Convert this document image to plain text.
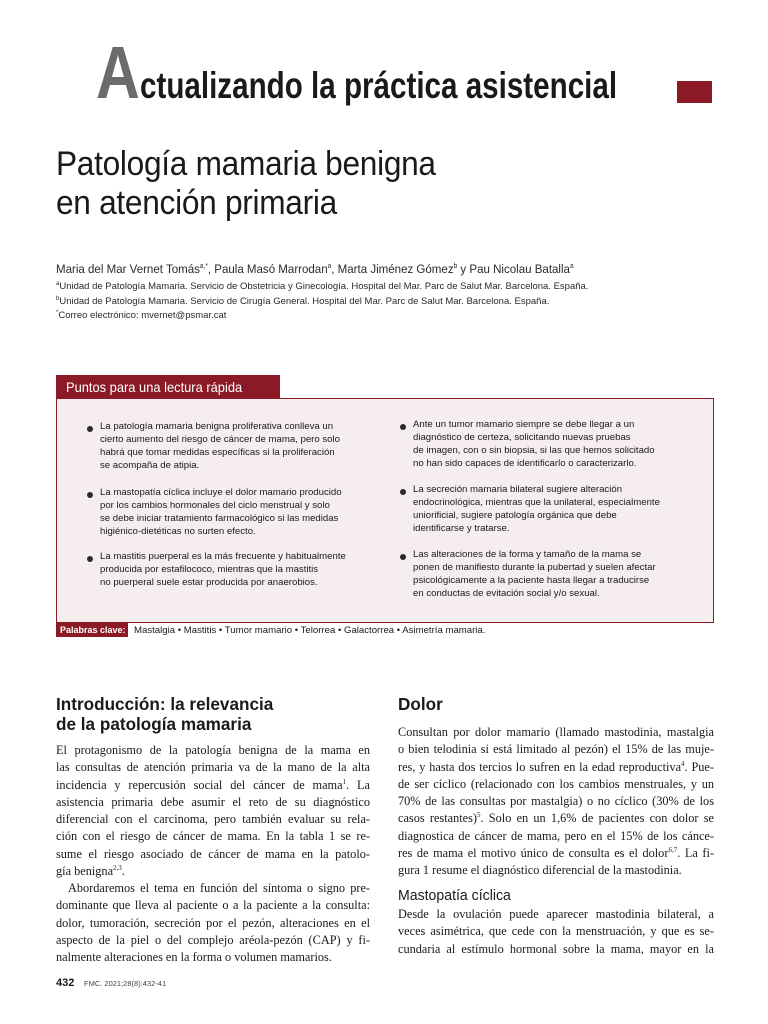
A ctualizando la práctica asistencial
Patología mamaria benigna
en atención primaria
Maria del Mar Vernet Tomás$^{a,*}$, Paula Masó Marrodan$^a$, Marta Jiménez Gómez$^b$ y Pau Nicolau Batalla$^a$
$^a$Unidad de Patología Mamaria. Servicio de Obstetricia y Ginecología. Hospital del Mar. Parc de Salut Mar. Barcelona. España.
$^b$Unidad de Patología Mamaria. Servicio de Cirugía General. Hospital del Mar. Parc de Salut Mar. Barcelona. España.
*Correo electrónico: mvernet@psmar.cat
Puntos para una lectura rápida
La patología mamaria benigna proliferativa conlleva un
cierto aumento del riesgo de cáncer de mama, pero solo
habrá que tomar medidas específicas si la proliferación
se acompaña de atipia.
La mastopatía cíclica incluye el dolor mamario producido
por los cambios hormonales del ciclo menstrual y solo
se debe iniciar tratamiento farmacológico si las medidas
higiénico-dietéticas no surten efecto.
La mastitis puerperal es la más frecuente y habitualmente
producida por estafilococo, mientras que la mastitis
no puerperal suele estar producida por anaerobios.
Ante un tumor mamario siempre se debe llegar a un
diagnóstico de certeza, solicitando nuevas pruebas
de imagen, con o sin biopsia, si las que hemos solicitado
no han sido capaces de identificarlo o caracterizarlo.
La secreción mamaria bilateral sugiere alteración
endocrinológica, mientras que la unilateral, especialmente
uniorificial, sugiere patología orgánica que debe
identificarse y tratarse.
Las alteraciones de la forma y tamaño de la mama se
ponen de manifiesto durante la pubertad y suelen afectar
psicológicamente a la paciente hasta llegar a traducirse
en conductas de evitación social y/o sexual.
Palabras clave: Mastalgia • Mastitis • Tumor mamario • Telorrea • Galactorrea • Asimetría mamaria.
Introducción: la relevancia
de la patología mamaria
El protagonismo de la patología benigna de la mama en
las consultas de atención primaria va de la mano de la alta
incidencia y repercusión social del cáncer de mama$^1$. La
asistencia primaria debe asumir el reto de su diagnóstico
diferencial con el carcinoma, pero también evaluar su rela-
ción con el riesgo de cáncer de mama. En la tabla 1 se re-
sume el riesgo asociado de cáncer de mama en la patolo-
gía benigna$^{2,3}$.
Abordaremos el tema en función del síntoma o signo pre-
dominante que lleva al paciente o a la paciente a la consulta:
dolor, tumoración, secreción por el pezón, alteraciones en el
aspecto de la piel o del complejo aréola-pezón (CAP) y fi-
nalmente alteraciones en la forma o volumen mamarios.
Dolor
Consultan por dolor mamario (llamado mastodinia, mastalgia
o bien telodinia si está limitado al pezón) el 15% de las muje-
res, y hasta dos tercios lo sufren en la edad reproductiva$^4$. Pue-
de ser cíclico (relacionado con los cambios menstruales, y un
70% de las consultas por mastalgia) o no cíclico (30% de los
casos restantes)$^5$. Solo en un 1,6% de pacientes con dolor se
diagnostica de cáncer de mama, pero en el 15% de los cánce-
res de mama el motivo único de consulta es el dolor$^{6,7}$. La fi-
gura 1 resume el diagnóstico diferencial de la mastodinia.
Mastopatía cíclica
Desde la ovulación puede aparecer mastodinia bilateral, a
veces asimétrica, que cede con la menstruación, y que es se-
cundaria al estímulo hormonal sobre la mama, mayor en la
432 FMC. 2021;28(8):432-41
